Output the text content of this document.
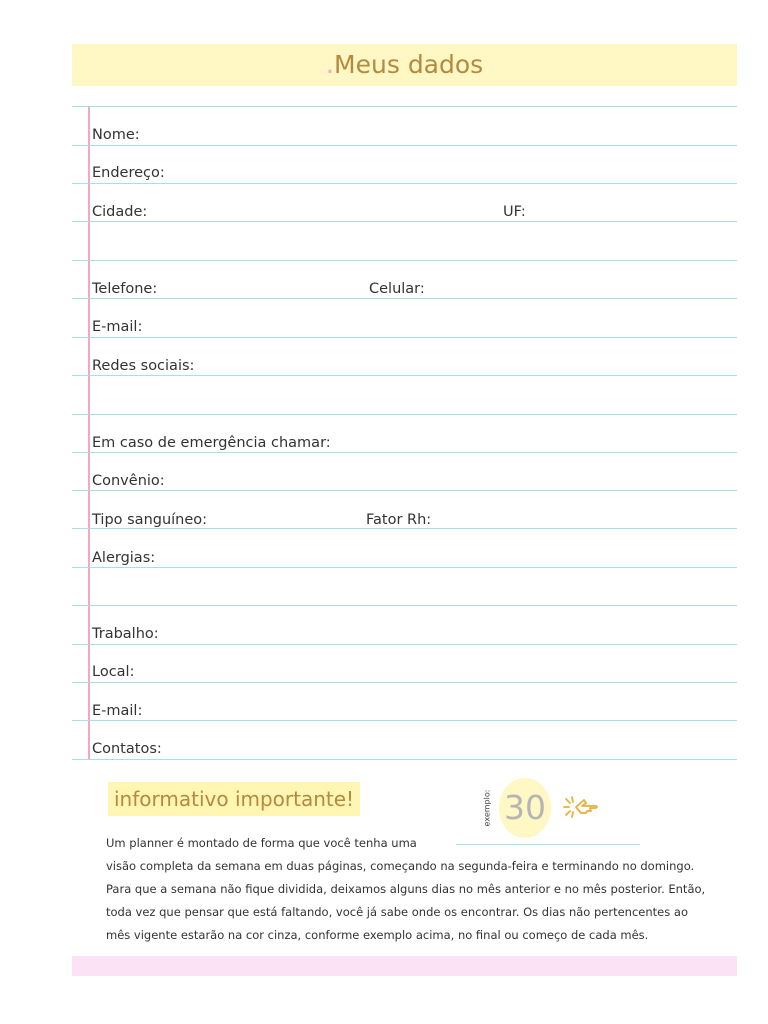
.Meus dados
Nome:
Endereço:
Cidade:	UF:
Telefone:	Celular:
E-mail:
Redes sociais:
Em caso de emergência chamar:
Convênio:
Tipo sanguíneo:	Fator Rh:
Alergias:
Trabalho:
Local:
E-mail:
Contatos:
informativo importante!	exemplo: 30
Um planner é montado de forma que você tenha uma
visão completa da semana em duas páginas, começando na segunda-feira e terminando no domingo.
Para que a semana não fique dividida, deixamos alguns dias no mês anterior e no mês posterior. Então,
toda vez que pensar que está faltando, você já sabe onde os encontrar. Os dias não pertencentes ao
mês vigente estarão na cor cinza, conforme exemplo acima, no final ou começo de cada mês.
